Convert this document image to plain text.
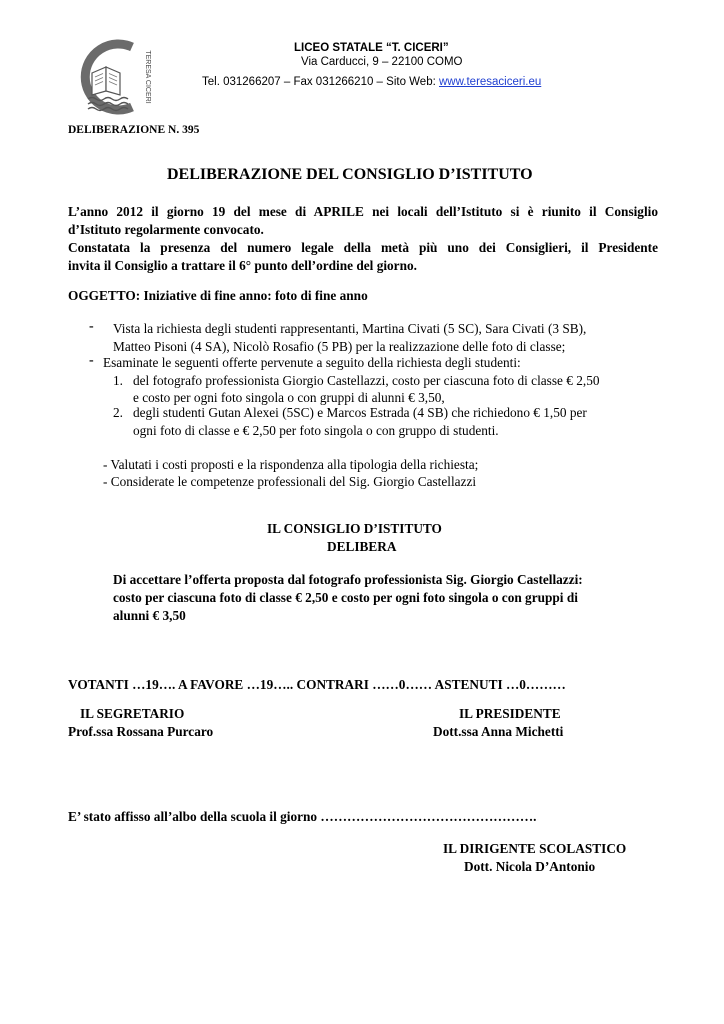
TERESA CICERI
LICEO STATALE “T. CICERI”
Via Carducci, 9 – 22100 COMO
Tel. 031266207 – Fax 031266210 – Sito Web: www.teresaciceri.eu
DELIBERAZIONE N. 395
DELIBERAZIONE DEL CONSIGLIO D’ISTITUTO
L’anno 2012 il giorno 19 del mese di APRILE nei locali dell’Istituto si è riunito il Consiglio
d’Istituto regolarmente convocato.
Constatata la presenza del numero legale della metà più uno dei Consiglieri, il Presidente
invita il Consiglio a trattare il 6° punto dell’ordine del giorno.
OGGETTO: Iniziative di fine anno: foto di fine anno
- Vista la richiesta degli studenti rappresentanti, Martina Civati (5 SC), Sara Civati (3 SB),
Matteo Pisoni (4 SA), Nicolò Rosafio (5 PB) per la realizzazione delle foto di classe;
- Esaminate le seguenti offerte pervenute a seguito della richiesta degli studenti:
1. del fotografo professionista Giorgio Castellazzi, costo per ciascuna foto di classe € 2,50
e costo per ogni foto singola o con gruppi di alunni € 3,50,
2. degli studenti Gutan Alexei (5SC) e Marcos Estrada (4 SB) che richiedono € 1,50 per
ogni foto di classe e € 2,50 per foto singola o con gruppo di studenti.
- Valutati i costi proposti e la rispondenza alla tipologia della richiesta;
- Considerate le competenze professionali del Sig. Giorgio Castellazzi
IL CONSIGLIO D’ISTITUTO
DELIBERA
Di accettare l’offerta proposta dal fotografo professionista Sig. Giorgio Castellazzi:
costo per ciascuna foto di classe € 2,50 e costo per ogni foto singola o con gruppi di
alunni € 3,50
VOTANTI …19…. A FAVORE …19….. CONTRARI ……0…… ASTENUTI …0………
IL SEGRETARIO
Prof.ssa Rossana Purcaro
IL PRESIDENTE
Dott.ssa Anna Michetti
E’ stato affisso all’albo della scuola il giorno ………………………………………….
IL DIRIGENTE SCOLASTICO
Dott. Nicola D’Antonio
